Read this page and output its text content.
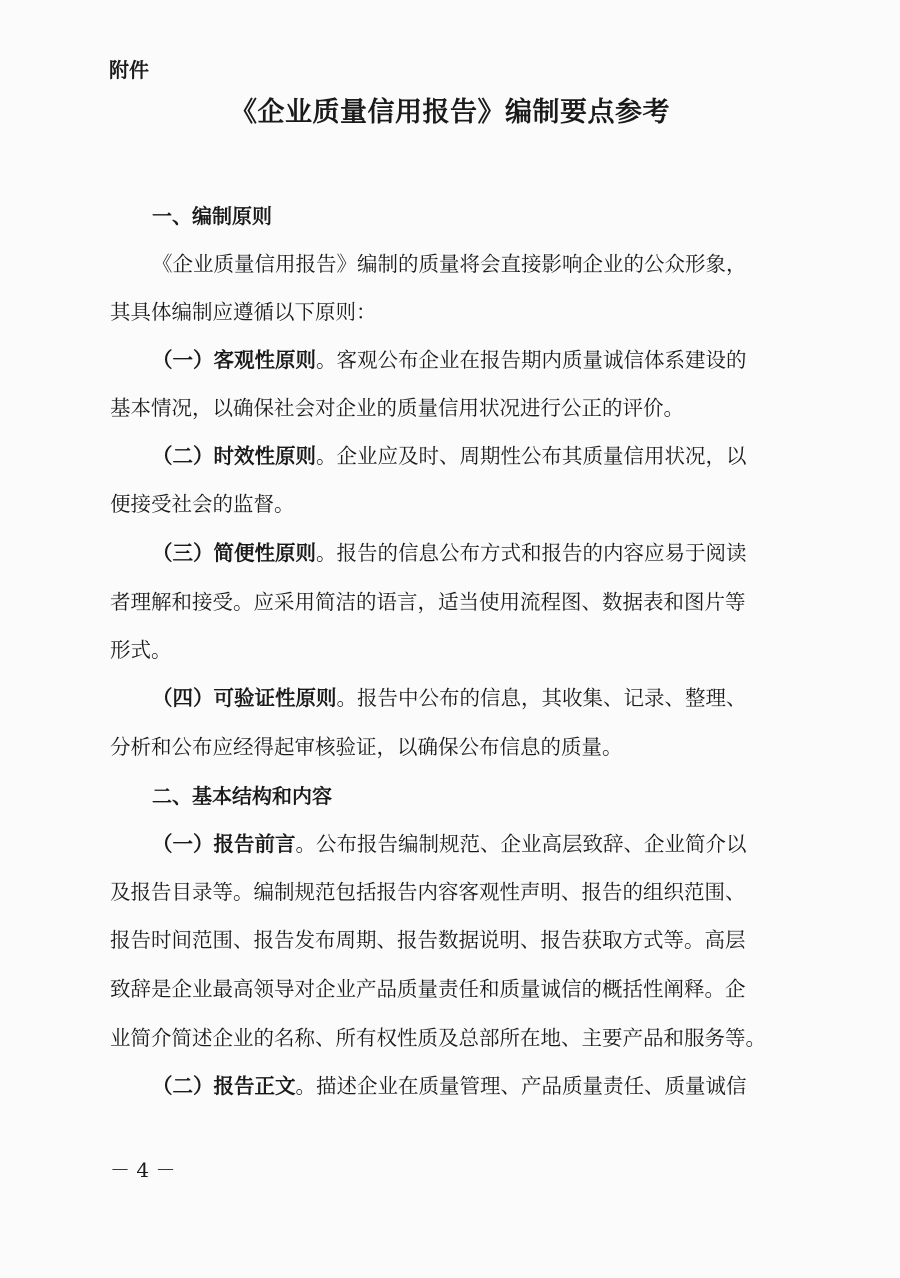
附件
《企业质量信用报告》编制要点参考
一、编制原则
《企业质量信用报告》编制的质量将会直接影响企业的公众形象，
其具体编制应遵循以下原则：
（一）客观性原则。客观公布企业在报告期内质量诚信体系建设的
基本情况，以确保社会对企业的质量信用状况进行公正的评价。
（二）时效性原则。企业应及时、周期性公布其质量信用状况，以
便接受社会的监督。
（三）简便性原则。报告的信息公布方式和报告的内容应易于阅读
者理解和接受。应采用简洁的语言，适当使用流程图、数据表和图片等
形式。
（四）可验证性原则。报告中公布的信息，其收集、记录、整理、
分析和公布应经得起审核验证，以确保公布信息的质量。
二、基本结构和内容
（一）报告前言。公布报告编制规范、企业高层致辞、企业简介以
及报告目录等。编制规范包括报告内容客观性声明、报告的组织范围、
报告时间范围、报告发布周期、报告数据说明、报告获取方式等。高层
致辞是企业最高领导对企业产品质量责任和质量诚信的概括性阐释。企
业简介简述企业的名称、所有权性质及总部所在地、主要产品和服务等。
（二）报告正文。描述企业在质量管理、产品质量责任、质量诚信
－ 4 －
